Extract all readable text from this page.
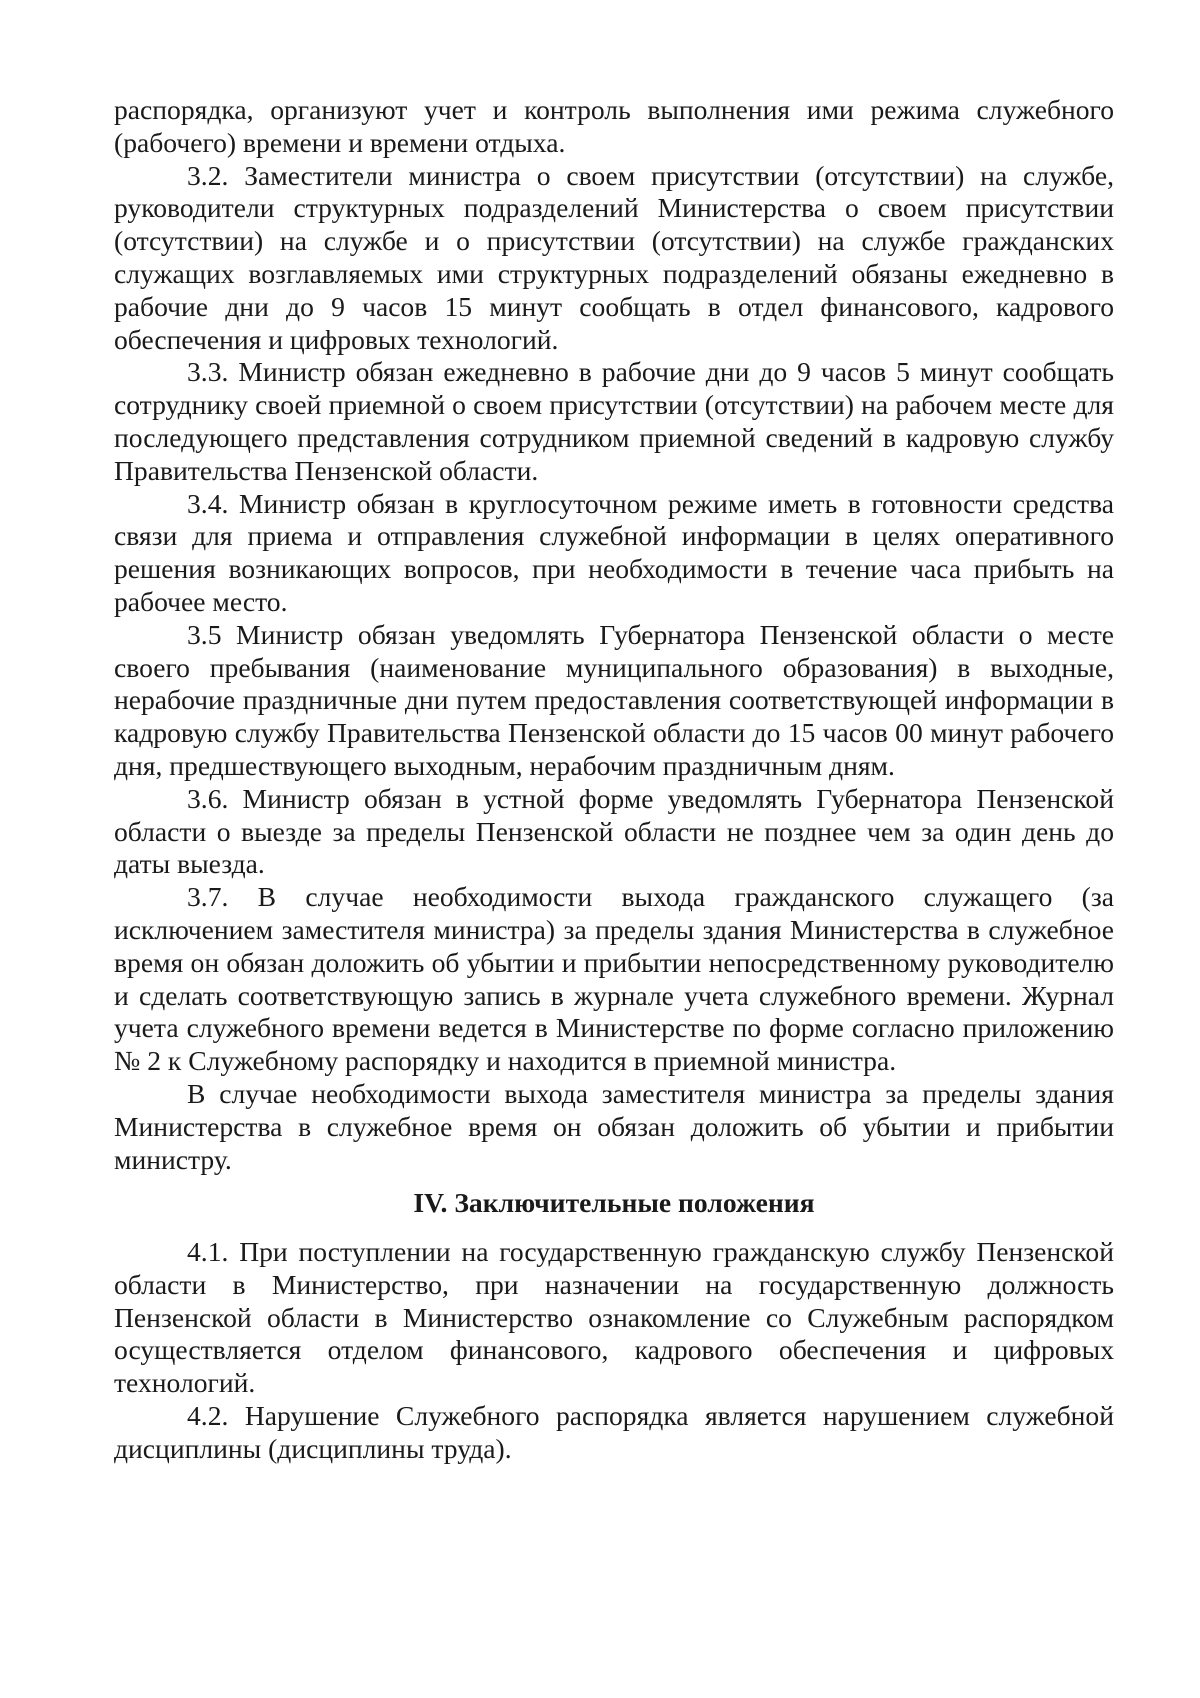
распорядка, организуют учет и контроль выполнения ими режима служебного (рабочего) времени и времени отдыха.

3.2. Заместители министра о своем присутствии (отсутствии) на службе, руководители структурных подразделений Министерства о своем присутствии (отсутствии) на службе и о присутствии (отсутствии) на службе гражданских служащих возглавляемых ими структурных подразделений обязаны ежедневно в рабочие дни до 9 часов 15 минут сообщать в отдел финансового, кадрового обеспечения и цифровых технологий.

3.3. Министр обязан ежедневно в рабочие дни до 9 часов 5 минут сообщать сотруднику своей приемной о своем присутствии (отсутствии) на рабочем месте для последующего представления сотрудником приемной сведений в кадровую службу Правительства Пензенской области.

3.4. Министр обязан в круглосуточном режиме иметь в готовности средства связи для приема и отправления служебной информации в целях оперативного решения возникающих вопросов, при необходимости в течение часа прибыть на рабочее место.

3.5 Министр обязан уведомлять Губернатора Пензенской области о месте своего пребывания (наименование муниципального образования) в выходные, нерабочие праздничные дни путем предоставления соответствующей информации в кадровую службу Правительства Пензенской области до 15 часов 00 минут рабочего дня, предшествующего выходным, нерабочим праздничным дням.

3.6. Министр обязан в устной форме уведомлять Губернатора Пензенской области о выезде за пределы Пензенской области не позднее чем за один день до даты выезда.

3.7. В случае необходимости выхода гражданского служащего (за исключением заместителя министра) за пределы здания Министерства в служебное время он обязан доложить об убытии и прибытии непосредственному руководителю и сделать соответствующую запись в журнале учета служебного времени. Журнал учета служебного времени ведется в Министерстве по форме согласно приложению № 2 к Служебному распорядку и находится в приемной министра.

В случае необходимости выхода заместителя министра за пределы здания Министерства в служебное время он обязан доложить об убытии и прибытии министру.

IV. Заключительные положения

4.1. При поступлении на государственную гражданскую службу Пензенской области в Министерство, при назначении на государственную должность Пензенской области в Министерство ознакомление со Служебным распорядком осуществляется отделом финансового, кадрового обеспечения и цифровых технологий.

4.2. Нарушение Служебного распорядка является нарушением служебной дисциплины (дисциплины труда).
